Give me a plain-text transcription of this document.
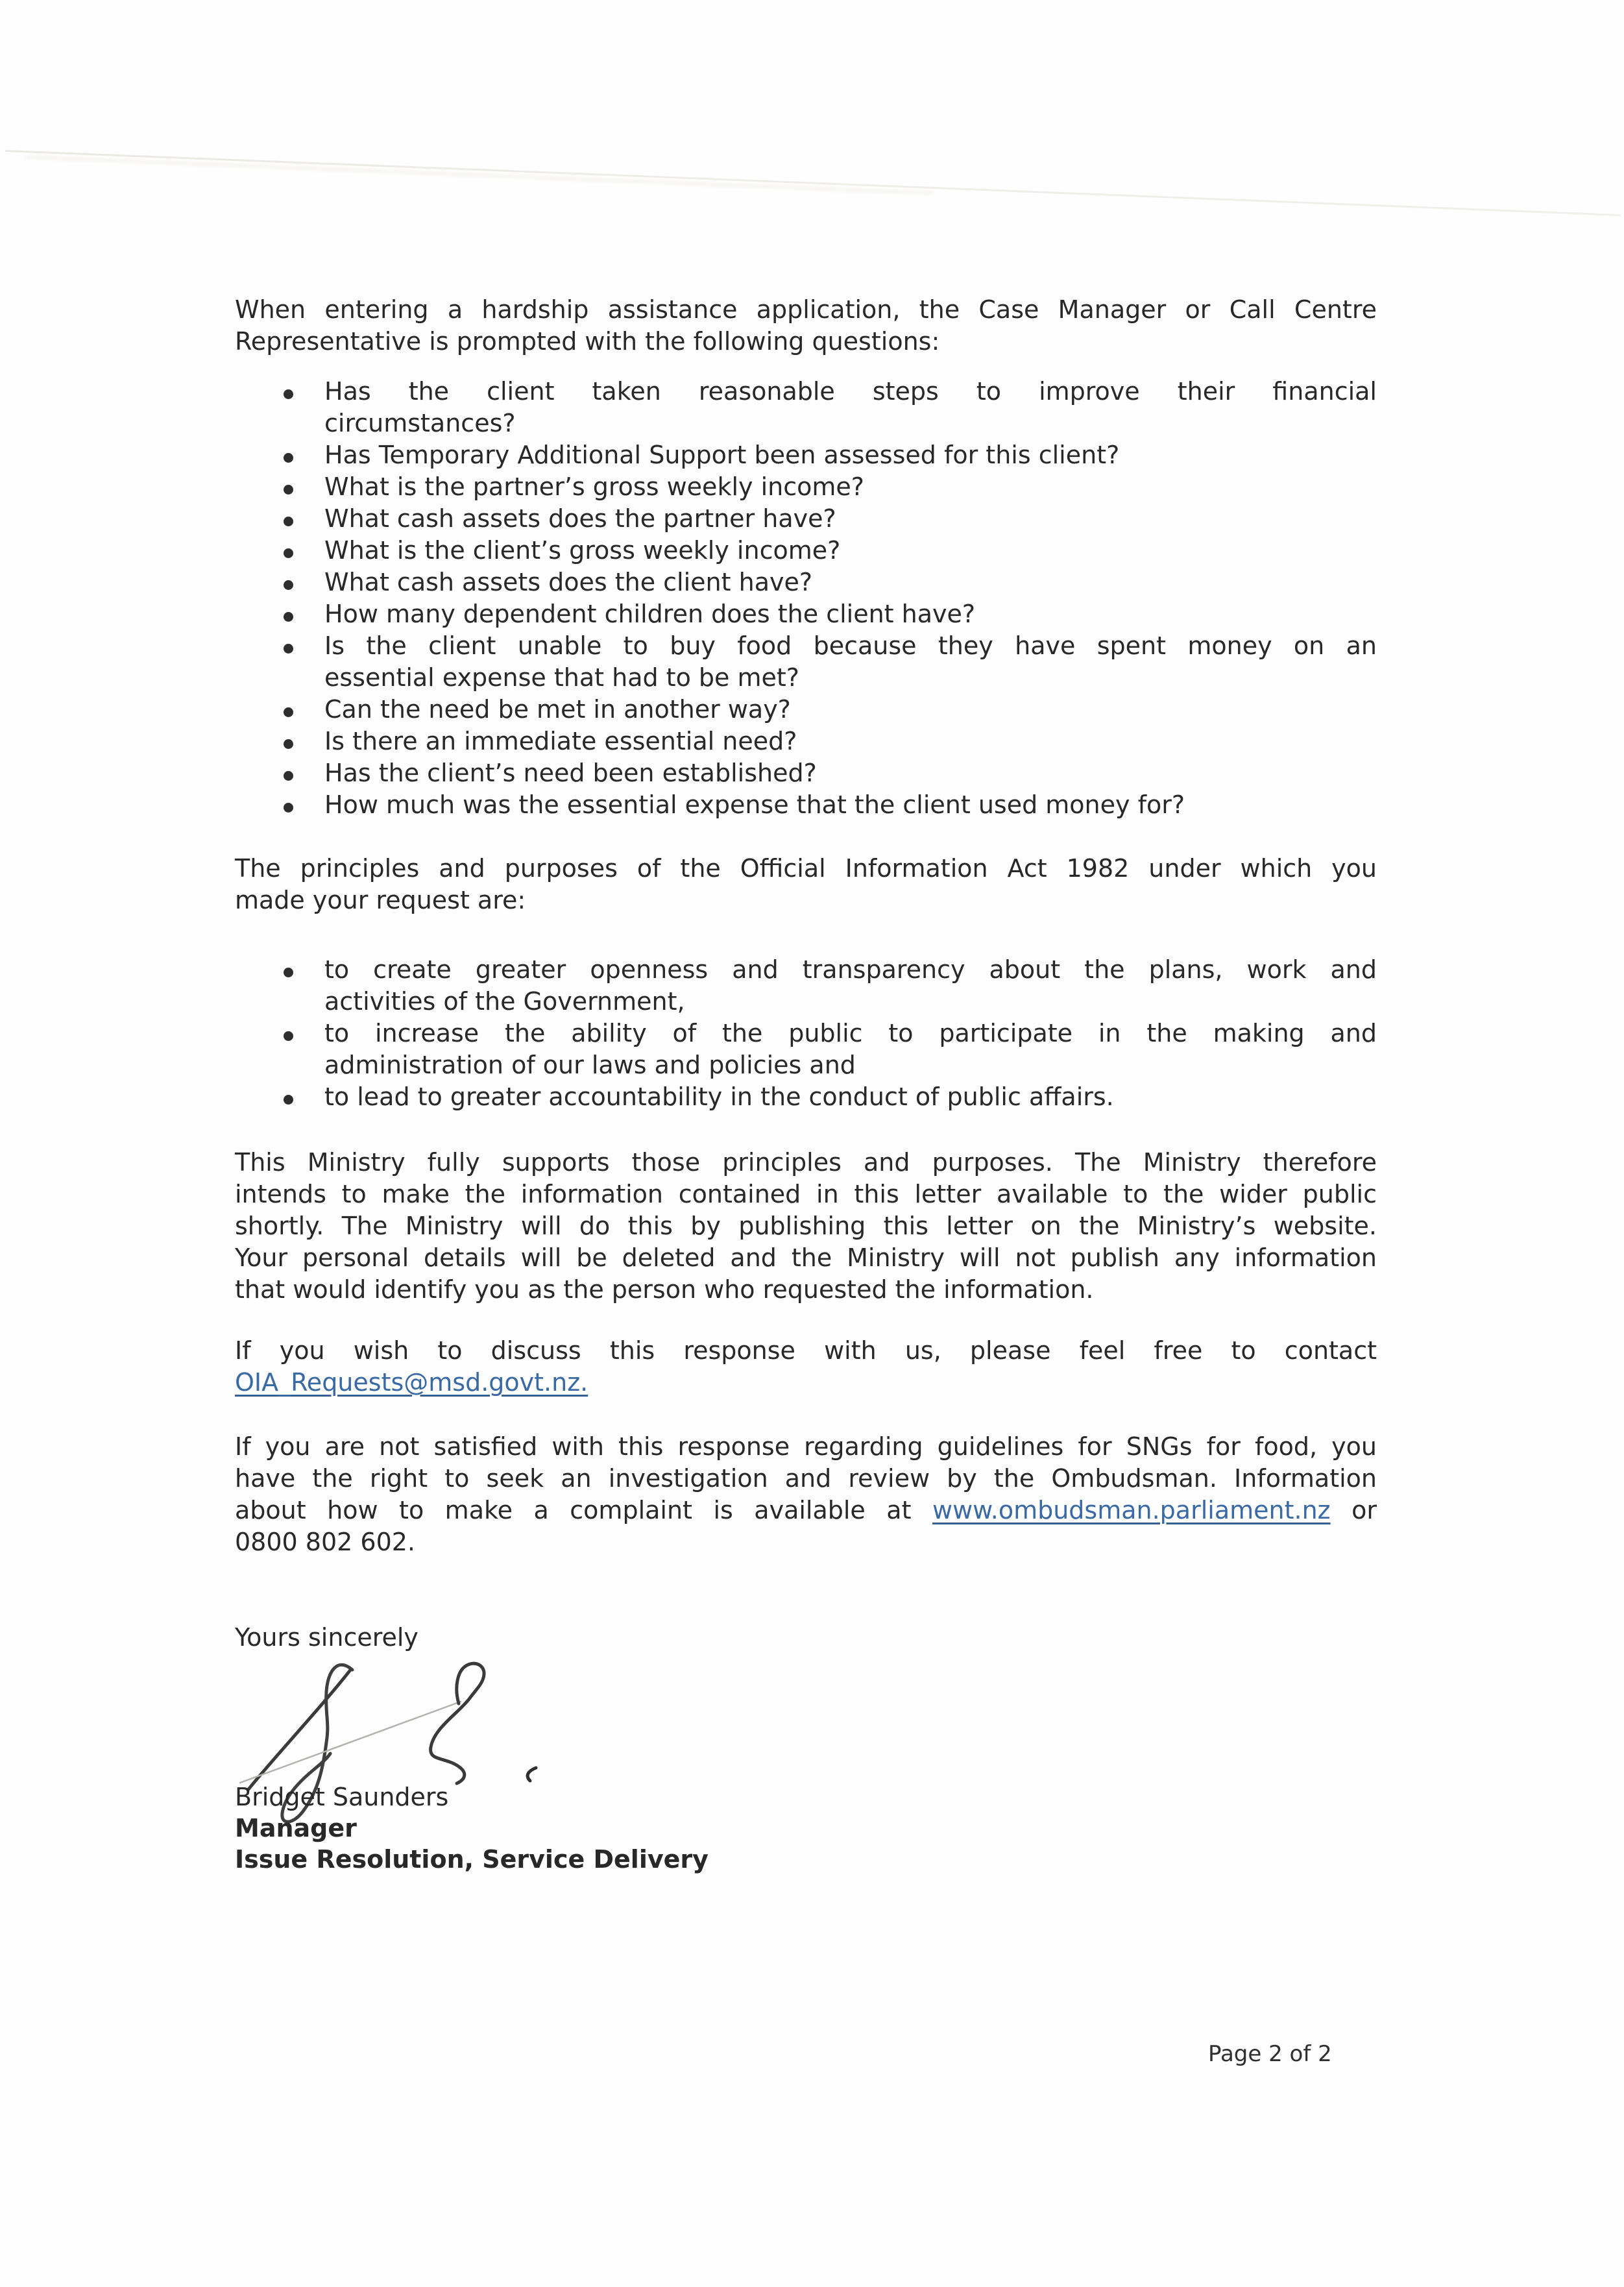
When entering a hardship assistance application, the Case Manager or Call Centre
Representative is prompted with the following questions:
Has the client taken reasonable steps to improve their financial
circumstances?
Has Temporary Additional Support been assessed for this client?
What is the partner’s gross weekly income?
What cash assets does the partner have?
What is the client’s gross weekly income?
What cash assets does the client have?
How many dependent children does the client have?
Is the client unable to buy food because they have spent money on an
essential expense that had to be met?
Can the need be met in another way?
Is there an immediate essential need?
Has the client’s need been established?
How much was the essential expense that the client used money for?
The principles and purposes of the Official Information Act 1982 under which you
made your request are:
to create greater openness and transparency about the plans, work and
activities of the Government,
to increase the ability of the public to participate in the making and
administration of our laws and policies and
to lead to greater accountability in the conduct of public affairs.
This Ministry fully supports those principles and purposes. The Ministry therefore
intends to make the information contained in this letter available to the wider public
shortly. The Ministry will do this by publishing this letter on the Ministry’s website.
Your personal details will be deleted and the Ministry will not publish any information
that would identify you as the person who requested the information.
If you wish to discuss this response with us, please feel free to contact
OIA_Requests@msd.govt.nz.
If you are not satisfied with this response regarding guidelines for SNGs for food, you
have the right to seek an investigation and review by the Ombudsman. Information
about how to make a complaint is available at www.ombudsman.parliament.nz or
0800 802 602.
Yours sincerely
Bridget Saunders
Manager
Issue Resolution, Service Delivery
Page 2 of 2
